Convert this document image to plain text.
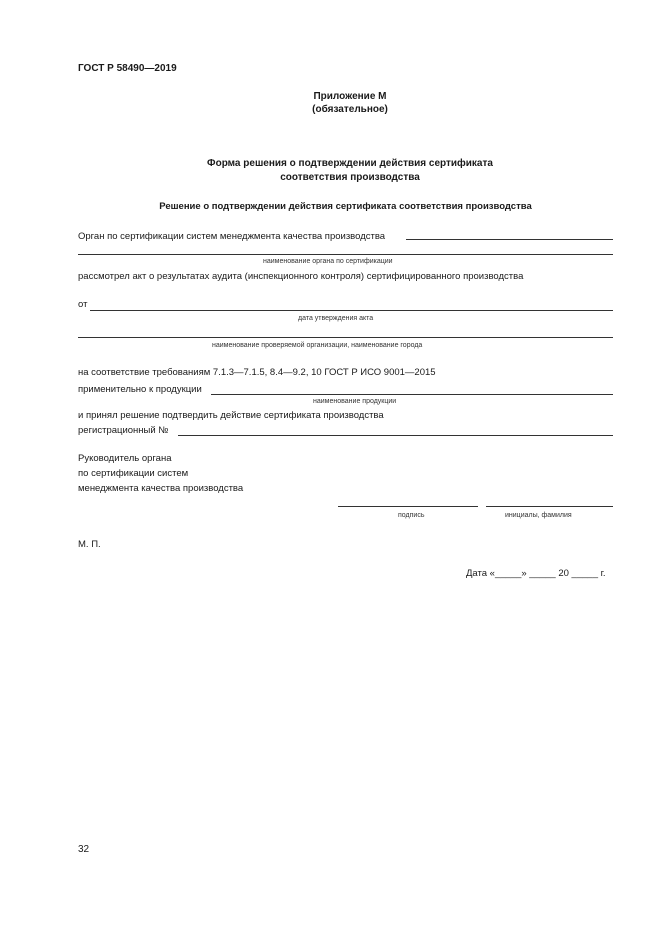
ГОСТ Р 58490—2019
Приложение М
(обязательное)
Форма решения о подтверждении действия сертификата
соответствия производства
Решение о подтверждении действия сертификата соответствия производства
Орган по сертификации систем менеджмента качества производства
наименование органа по сертификации
рассмотрел акт о результатах аудита (инспекционного контроля) сертифицированного производства
от
дата утверждения акта
наименование проверяемой организации, наименование города
на соответствие требованиям 7.1.3—7.1.5, 8.4—9.2, 10 ГОСТ Р ИСО 9001—2015
применительно к продукции
наименование продукции
и принял решение подтвердить действие сертификата производства
регистрационный №
Руководитель органа
по сертификации систем
менеджмента качества производства
подпись	инициалы, фамилия
М. П.
Дата «_____» _____ 20 _____ г.
32
